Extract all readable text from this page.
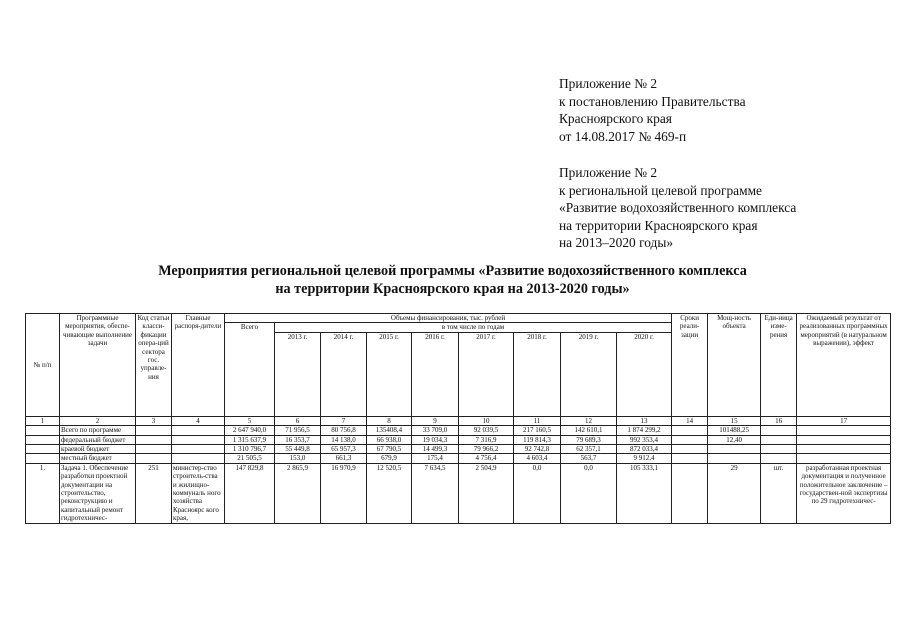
Приложение № 2
к постановлению Правительства
Красноярского края
от 14.08.2017 № 469-п
Приложение № 2
к региональной целевой программе
«Развитие водохозяйственного комплекса
на территории Красноярского края
на 2013–2020 годы»
Мероприятия региональной целевой программы «Развитие водохозяйственного комплекса
на территории Красноярского края на 2013-2020 годы»
№ п/п	Программные мероприятия, обеспе-чивающие выполнение задачи	Код статьи класси-фикации опера-ций сектора гос. управле-ния	Главные распоря-дители	Объемы финансирования, тыс. рублей									Сроки реали-зации	Мощ-ность объекта	Еди-ница изме-рения	Ожидаемый результат от реализованных программных мероприятий (в натуральном выражении), эффект
				Всего	в том числе по годам											
					2013 г.	2014 г.	2015 г.	2016 г.	2017 г.	2018 г.	2019 г.	2020 г.				
1	2	3	4	5	6	7	8	9	10	11	12	13	14	15	16	17
	Всего по программе			2 647 940,0	71 956,5	80 756,8	135408,4	33 709,0	92 039,5	217 160,5	142 610,1	1 874 299,2		101488,25		
	федеральный бюджет			1 315 637,9	16 353,7	14 138,0	66 938,0	19 034,3	7 316,9	119 814,3	79 689,3	992 353,4		12,40		
	краевой бюджет			1 310 796,7	55 449,8	65 957,3	67 790,5	14 499,3	79 966,2	92 742,8	62 357,1	872 033,4				
	местный бюджет			21 505,5	153,0	661,3	679,9	175,4	4 756,4	4 603,4	563,7	9 912,4				
1.	Задача 1. Обеспечение разработки проектной документации на строительство, реконструкцию и капитальный ремонт гидротехничес-	251	министер-ство строитель-ства и жилищно-коммуналь ного хозяйства Красноярс кого края,	147 829,8	2 865,9	16 970,9	12 520,5	7 634,5	2 504,9	0,0	0,0	105 333,1		29	шт.	разработанная проектная документация и полученное положительное заключение – государствен-ной экспертизы по 29 гидротехничес-
